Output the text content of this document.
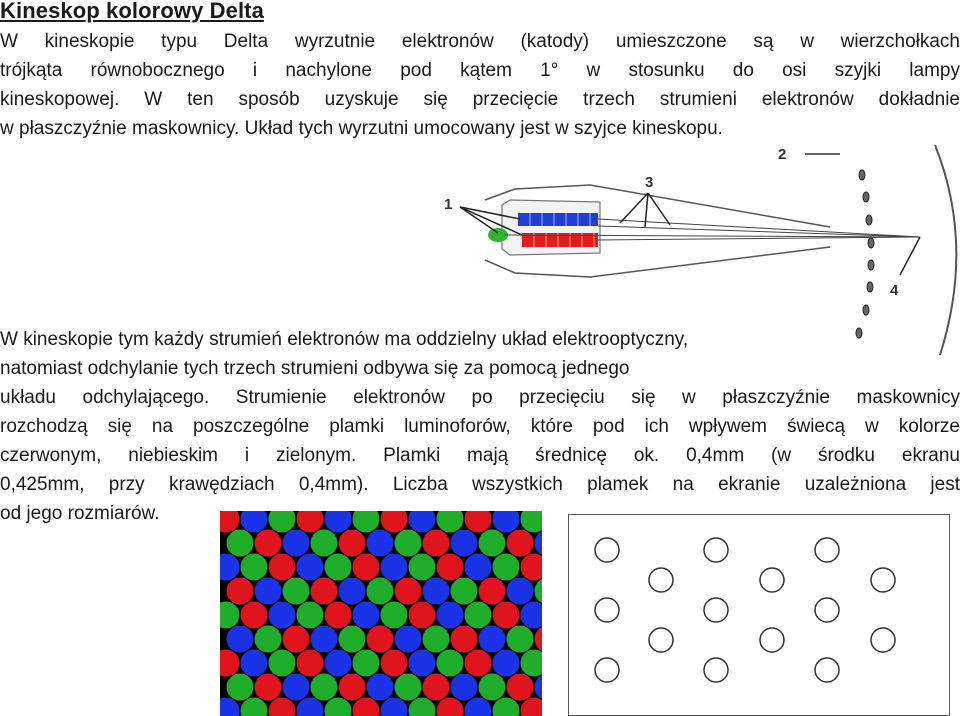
Kineskop kolorowy Delta
W kineskopie typu Delta wyrzutnie elektronów (katody) umieszczone są w wierzchołkach
trójkąta równobocznego i nachylone pod kątem 1° w stosunku do osi szyjki lampy
kineskopowej. W ten sposób uzyskuje się przecięcie trzech strumieni elektronów dokładnie
w płaszczyźnie maskownicy. Układ tych wyrzutni umocowany jest w szyjce kineskopu.
1
2
3
4
W kineskopie tym każdy strumień elektronów ma oddzielny układ elektrooptyczny,
natomiast odchylanie tych trzech strumieni odbywa się za pomocą jednego
układu odchylającego. Strumienie elektronów po przecięciu się w płaszczyźnie maskownicy
rozchodzą się na poszczególne plamki luminoforów, które pod ich wpływem świecą w kolorze
czerwonym, niebieskim i zielonym. Plamki mają średnicę ok. 0,4mm (w środku ekranu
0,425mm, przy krawędziach 0,4mm). Liczba wszystkich plamek na ekranie uzależniona jest
od jego rozmiarów.
